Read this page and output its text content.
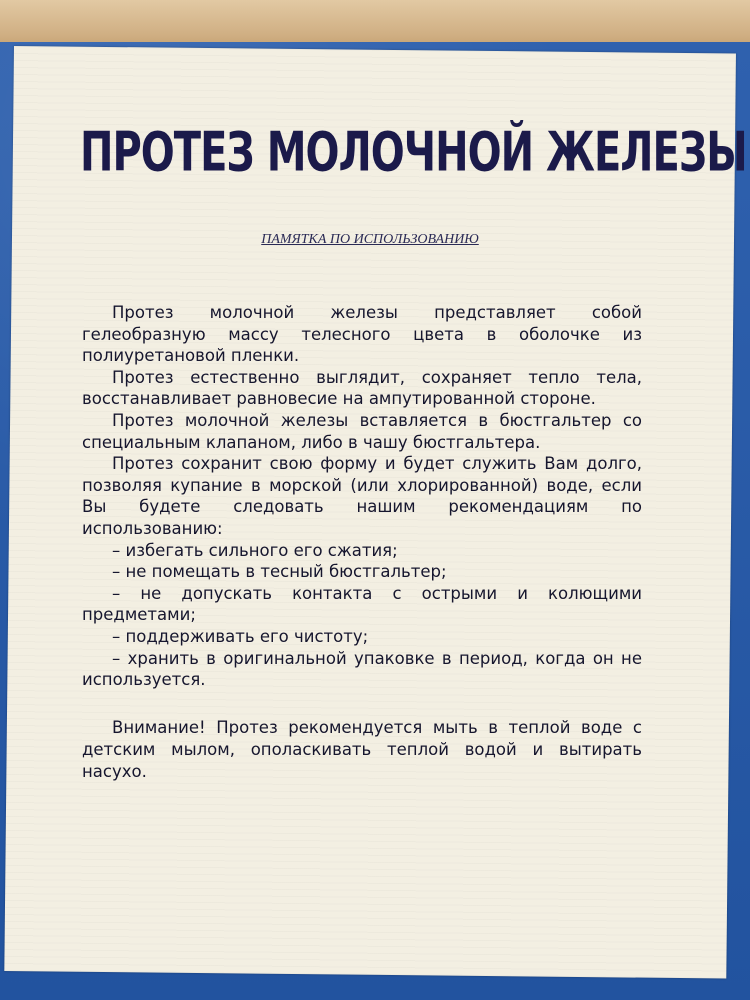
ПРОТЕЗ МОЛОЧНОЙ ЖЕЛЕЗЫ
ПАМЯТКА ПО ИСПОЛЬЗОВАНИЮ

Протез молочной железы представляет собой гелеобразную массу телесного цвета в оболочке из полиуретановой пленки.

Протез естественно выглядит, сохраняет тепло тела, восстанавливает равновесие на ампутированной стороне.

Протез молочной железы вставляется в бюстгальтер со специальным клапаном, либо в чашу бюстгальтера.

Протез сохранит свою форму и будет служить Вам долго, позволяя купание в морской (или хлорированной) воде, если Вы будете следовать нашим рекомендациям по использованию:

– избегать сильного его сжатия;

– не помещать в тесный бюстгальтер;

– не допускать контакта с острыми и колющими предметами;

– поддерживать его чистоту;

– хранить в оригинальной упаковке в период, когда он не используется.

Внимание! Протез рекомендуется мыть в теплой воде с детским мылом, ополаскивать теплой водой и вытирать насухо.
